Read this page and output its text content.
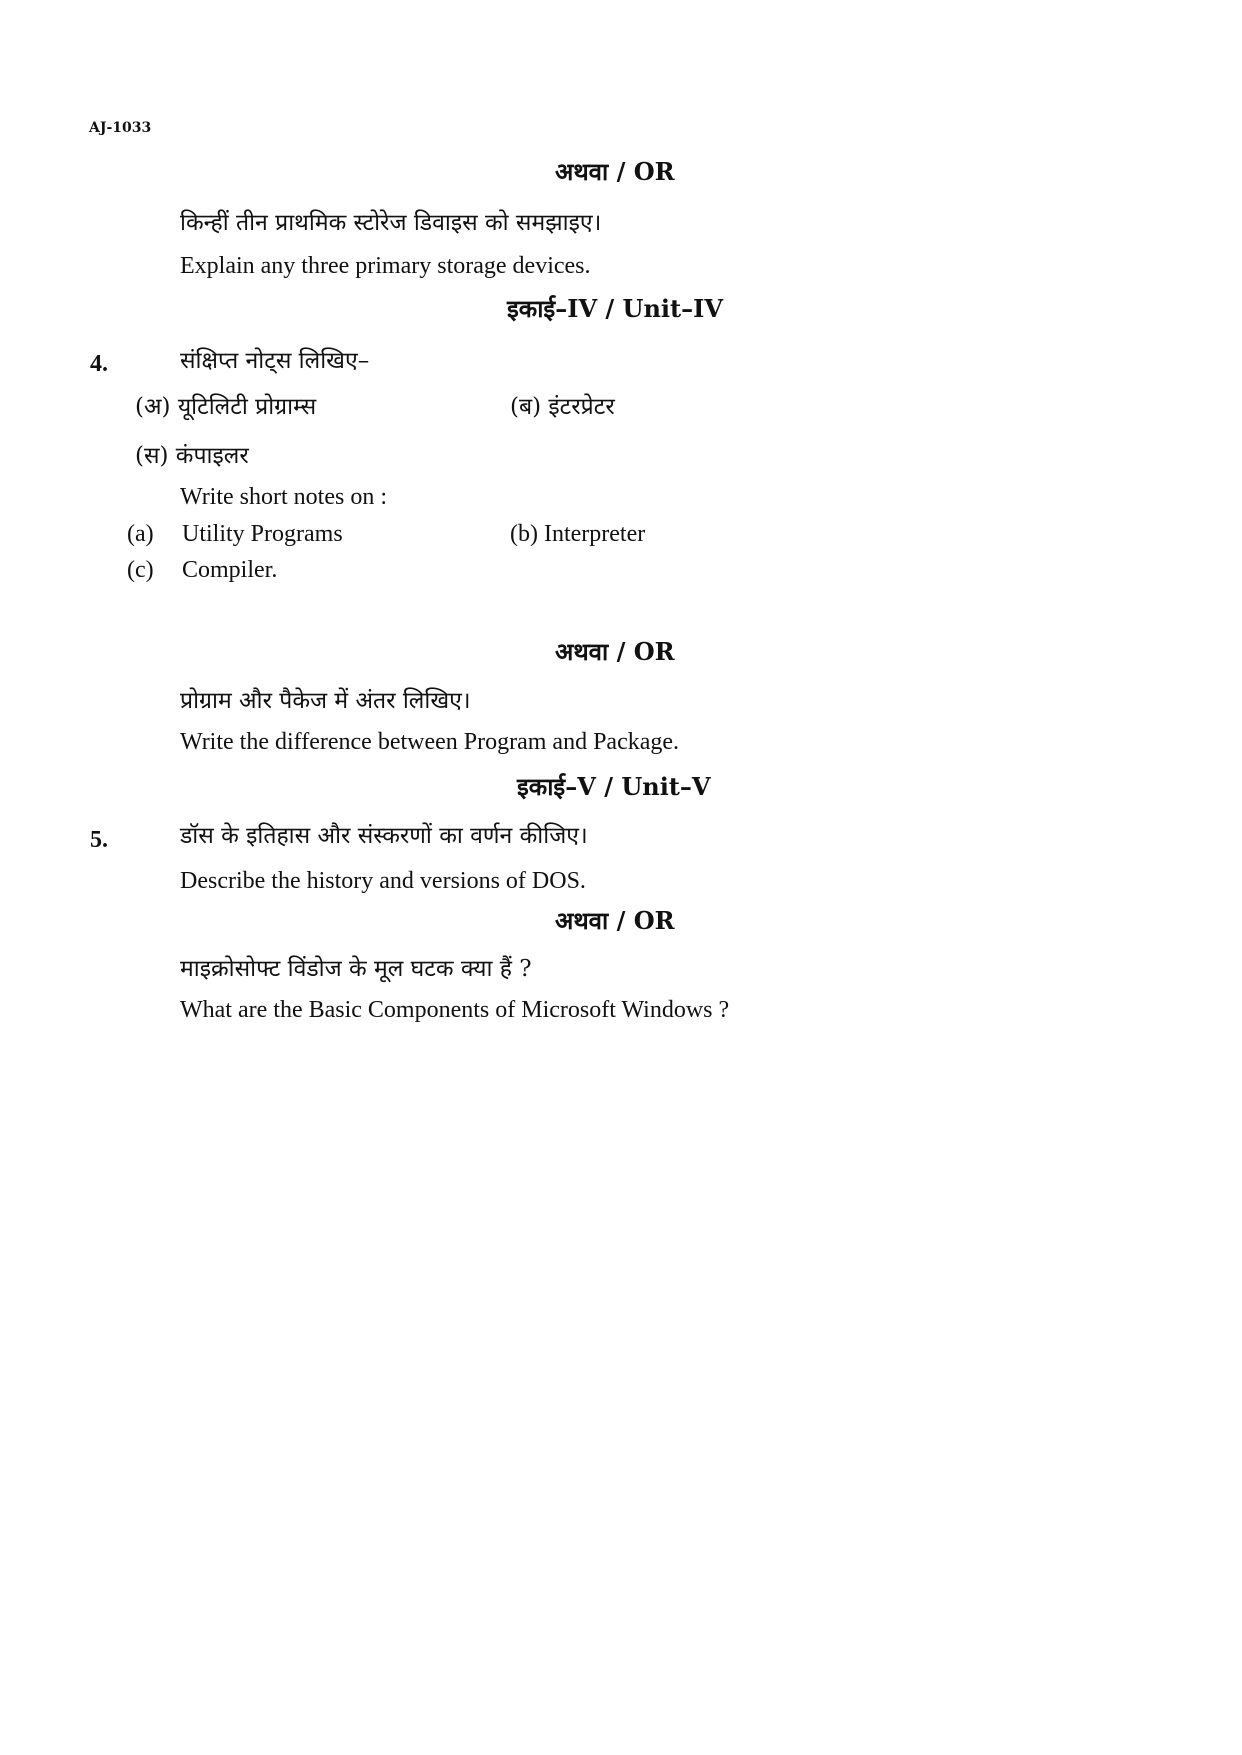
AJ-1033
अथवा / OR
किन्हीं तीन प्राथमिक स्टोरेज डिवाइस को समझाइए।
Explain any three primary storage devices.
इकाई–IV / Unit–IV
4.	संक्षिप्त नोट्स लिखिए–
(अ) यूटिलिटी प्रोग्राम्स	(ब) इंटरप्रेटर
(स) कंपाइलर
Write short notes on :
(a) Utility Programs	(b) Interpreter
(c) Compiler.
अथवा / OR
प्रोग्राम और पैकेज में अंतर लिखिए।
Write the difference between Program and Package.
इकाई–V / Unit–V
5.	डॉस के इतिहास और संस्करणों का वर्णन कीजिए।
Describe the history and versions of DOS.
अथवा / OR
माइक्रोसोफ्ट विंडोज के मूल घटक क्या हैं ?
What are the Basic Components of Microsoft Windows ?
